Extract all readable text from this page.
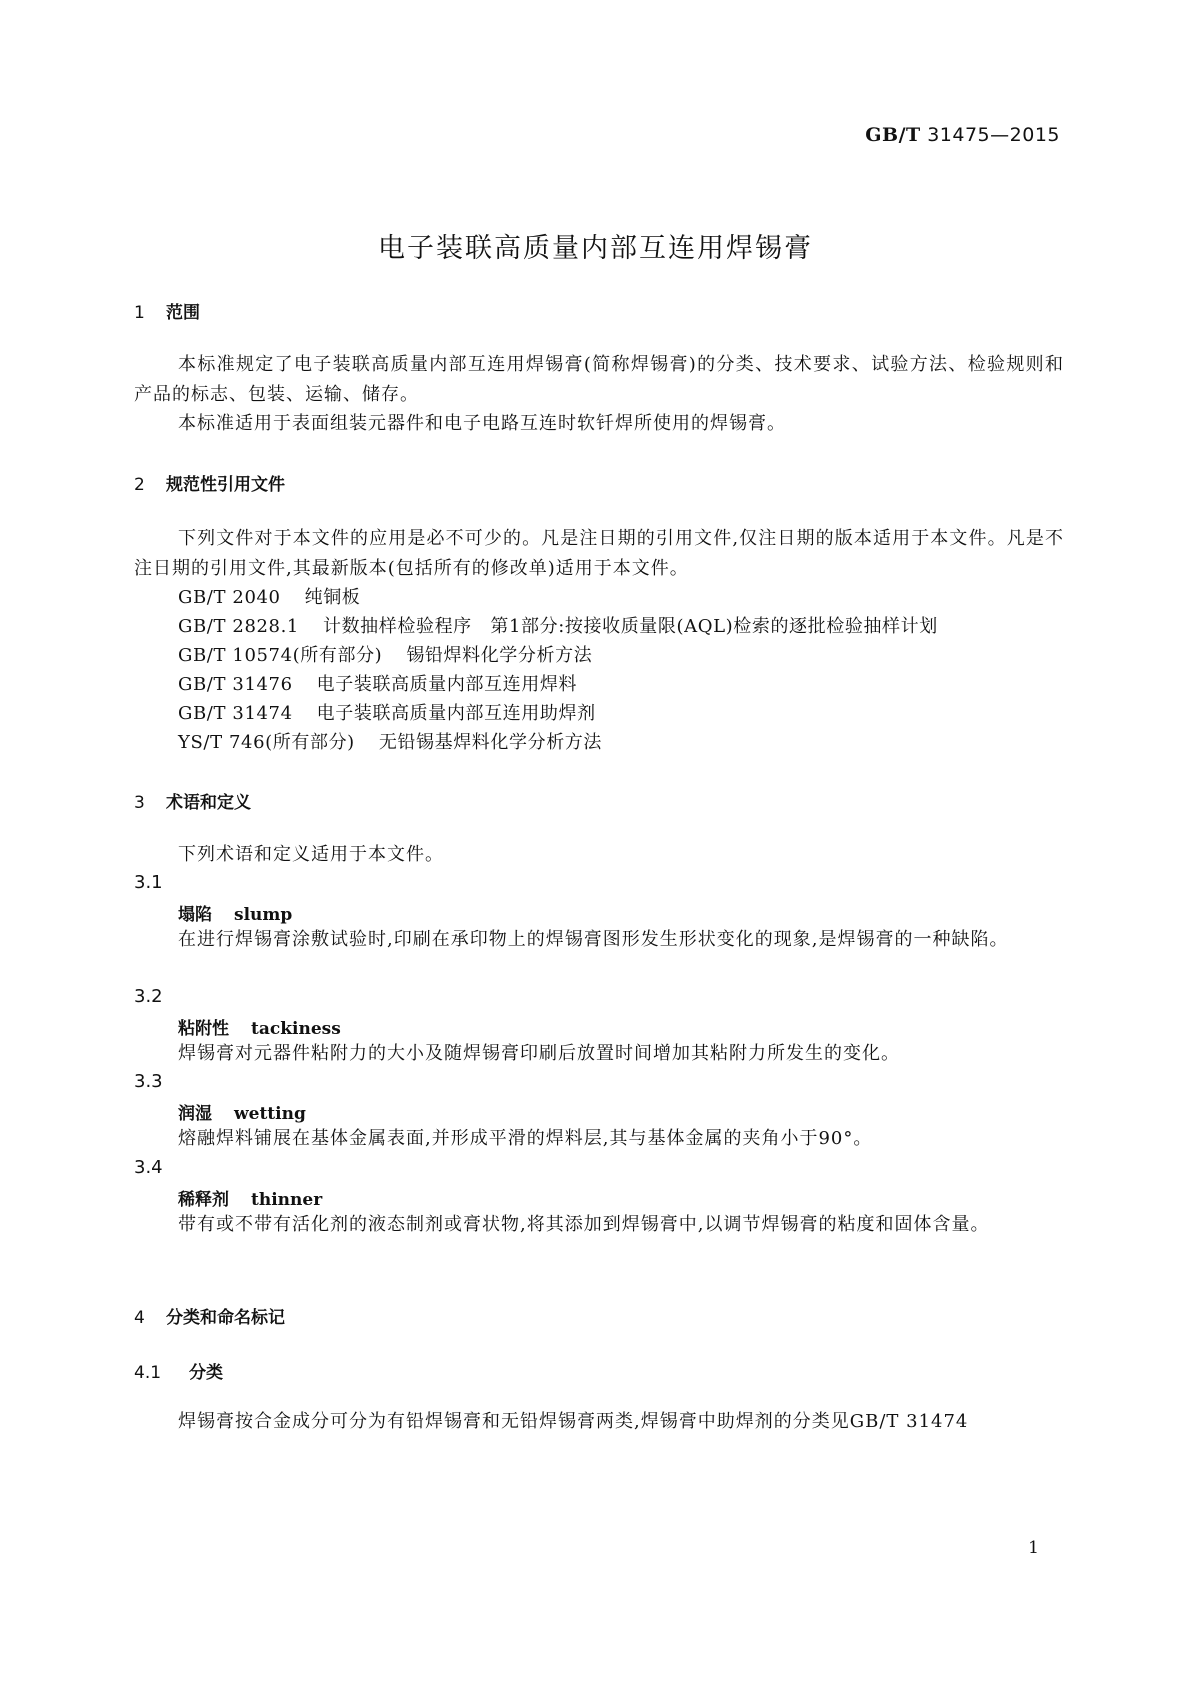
GB/T 31475—2015
电子装联高质量内部互连用焊锡膏
1 范围
本标准规定了电子装联高质量内部互连用焊锡膏(简称焊锡膏)的分类、技术要求、试验方法、检验规则和产品的标志、包装、运输、储存。
本标准适用于表面组装元器件和电子电路互连时软钎焊所使用的焊锡膏。
2 规范性引用文件
下列文件对于本文件的应用是必不可少的。凡是注日期的引用文件,仅注日期的版本适用于本文件。凡是不注日期的引用文件,其最新版本(包括所有的修改单)适用于本文件。
GB/T 2040 纯铜板
GB/T 2828.1 计数抽样检验程序　第1部分:按接收质量限(AQL)检索的逐批检验抽样计划
GB/T 10574(所有部分) 锡铅焊料化学分析方法
GB/T 31476 电子装联高质量内部互连用焊料
GB/T 31474 电子装联高质量内部互连用助焊剂
YS/T 746(所有部分) 无铅锡基焊料化学分析方法
3 术语和定义
下列术语和定义适用于本文件。
3.1
塌陷 slump
在进行焊锡膏涂敷试验时,印刷在承印物上的焊锡膏图形发生形状变化的现象,是焊锡膏的一种缺陷。
3.2
粘附性 tackiness
焊锡膏对元器件粘附力的大小及随焊锡膏印刷后放置时间增加其粘附力所发生的变化。
3.3
润湿 wetting
熔融焊料铺展在基体金属表面,并形成平滑的焊料层,其与基体金属的夹角小于90°。
3.4
稀释剂 thinner
带有或不带有活化剂的液态制剂或膏状物,将其添加到焊锡膏中,以调节焊锡膏的粘度和固体含量。
4 分类和命名标记
4.1 分类
焊锡膏按合金成分可分为有铅焊锡膏和无铅焊锡膏两类,焊锡膏中助焊剂的分类见GB/T 31474
1
